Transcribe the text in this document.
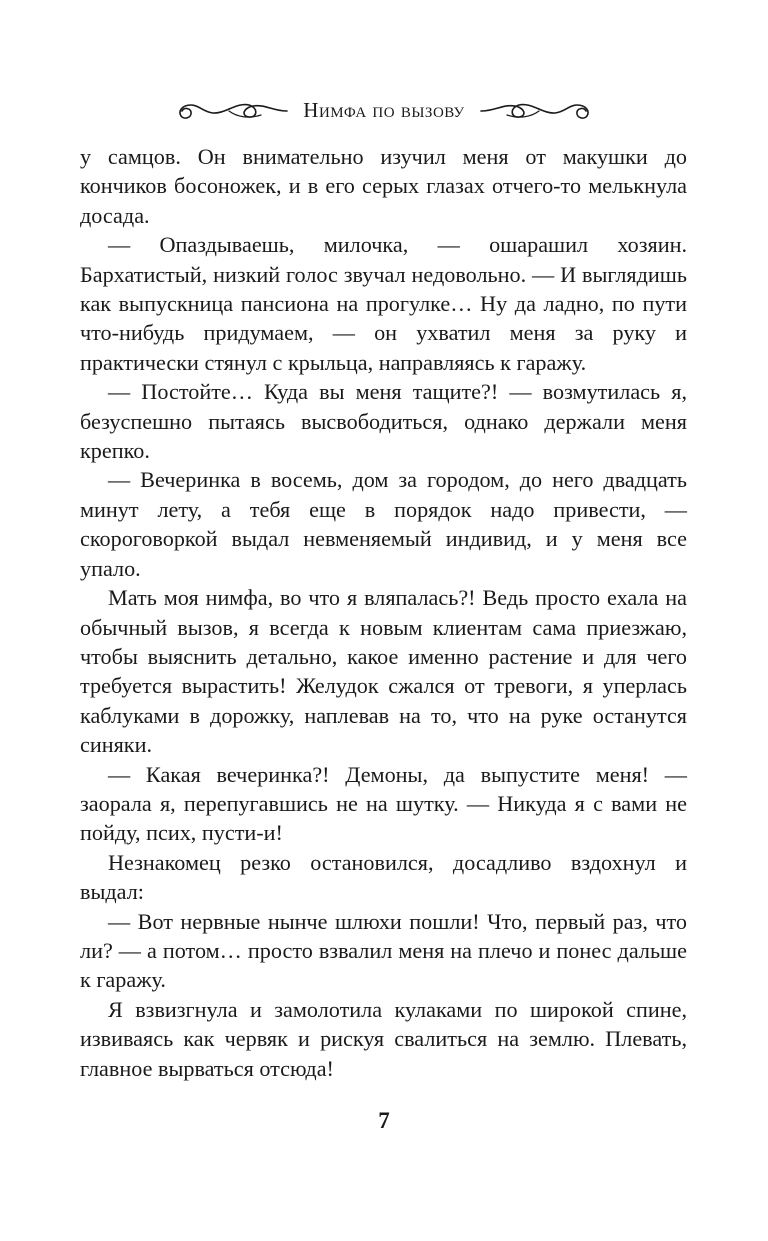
Нимфа по вызову

у самцов. Он внимательно изучил меня от макушки до кончиков босоножек, и в его серых глазах отчего-то мелькнула досада.

— Опаздываешь, милочка, — ошарашил хозяин. Бархатистый, низкий голос звучал недовольно. — И выглядишь как выпускница пансиона на прогулке… Ну да ладно, по пути что-нибудь придумаем, — он ухватил меня за руку и практически стянул с крыльца, направляясь к гаражу.

— Постойте… Куда вы меня тащите?! — возмутилась я, безуспешно пытаясь высвободиться, однако держали меня крепко.

— Вечеринка в восемь, дом за городом, до него двадцать минут лету, а тебя еще в порядок надо привести, — скороговоркой выдал невменяемый индивид, и у меня все упало.

Мать моя нимфа, во что я вляпалась?! Ведь просто ехала на обычный вызов, я всегда к новым клиентам сама приезжаю, чтобы выяснить детально, какое именно растение и для чего требуется вырастить! Желудок сжался от тревоги, я уперлась каблуками в дорожку, наплевав на то, что на руке останутся синяки.

— Какая вечеринка?! Демоны, да выпустите меня! — заорала я, перепугавшись не на шутку. — Никуда я с вами не пойду, псих, пусти-и!

Незнакомец резко остановился, досадливо вздохнул и выдал:

— Вот нервные нынче шлюхи пошли! Что, первый раз, что ли? — а потом… просто взвалил меня на плечо и понес дальше к гаражу.

Я взвизгнула и замолотила кулаками по широкой спине, извиваясь как червяк и рискуя свалиться на землю. Плевать, главное вырваться отсюда!

7
